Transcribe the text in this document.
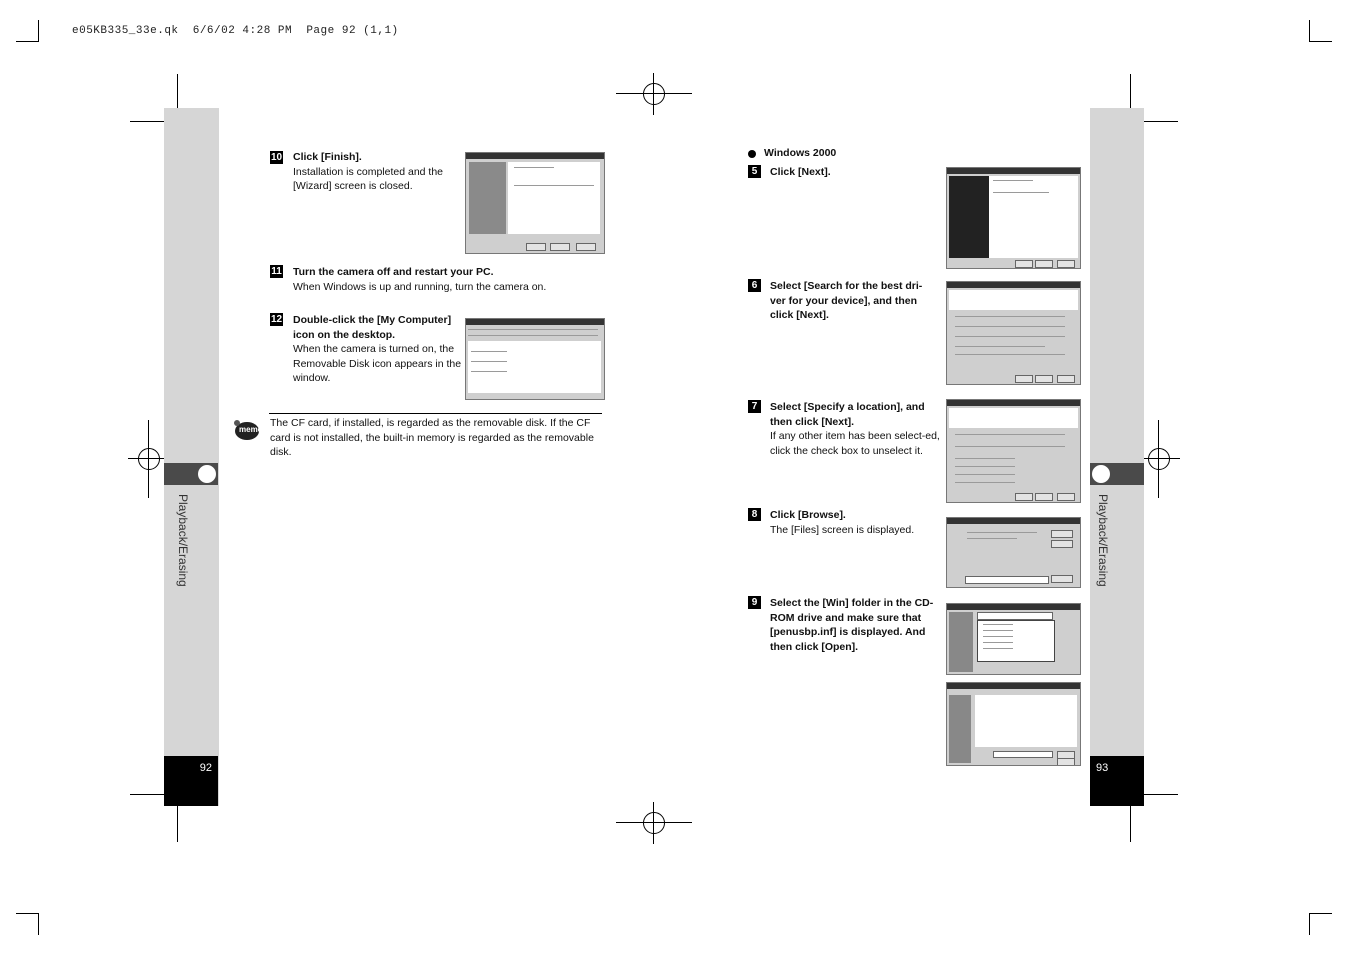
e05KB335_33e.qk  6/6/02 4:28 PM  Page 92 (1,1)
Playback/Erasing
92
Playback/Erasing
93
10 Click [Finish].
Installation is completed and the [Wizard] screen is closed.
11 Turn the camera off and restart your PC.
When Windows is up and running, turn the camera on.
12 Double-click the [My Computer] icon on the desktop.
When the camera is turned on, the Removable Disk icon appears in the window.
memo
The CF card, if installed, is regarded as the removable disk. If the CF card is not installed, the built-in memory is regarded as the removable disk.
Windows 2000
5	Click [Next].
6	Select [Search for the best dri-ver for your device], and then click [Next].
7	Select [Specify a location], and then click [Next].
If any other item has been select-ed, click the check box to unselect it.
8	Click [Browse].
The [Files] screen is displayed.
9	Select the [Win] folder in the CD-ROM drive and make sure that [penusbp.inf] is displayed. And then click [Open].
